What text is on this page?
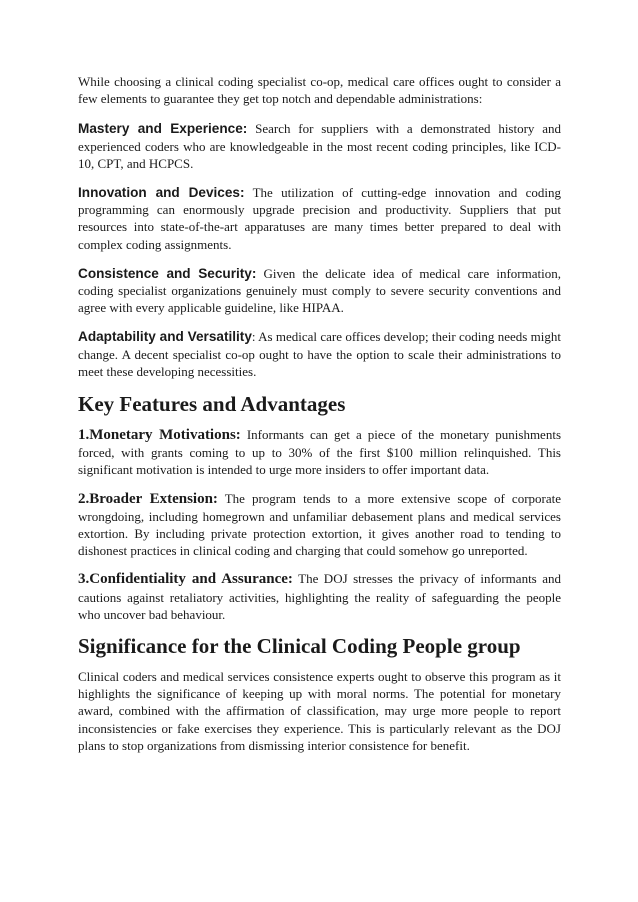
While choosing a clinical coding specialist co-op, medical care offices ought to consider a few elements to guarantee they get top notch and dependable administrations:

Mastery and Experience: Search for suppliers with a demonstrated history and experienced coders who are knowledgeable in the most recent coding principles, like ICD-10, CPT, and HCPCS.

Innovation and Devices: The utilization of cutting-edge innovation and coding programming can enormously upgrade precision and productivity. Suppliers that put resources into state-of-the-art apparatuses are many times better prepared to deal with complex coding assignments.

Consistence and Security: Given the delicate idea of medical care information, coding specialist organizations genuinely must comply to severe security conventions and agree with every applicable guideline, like HIPAA.

Adaptability and Versatility: As medical care offices develop; their coding needs might change. A decent specialist co-op ought to have the option to scale their administrations to meet these developing necessities.

Key Features and Advantages

1.Monetary Motivations: Informants can get a piece of the monetary punishments forced, with grants coming to up to 30% of the first $100 million relinquished. This significant motivation is intended to urge more insiders to offer important data.

2.Broader Extension: The program tends to a more extensive scope of corporate wrongdoing, including homegrown and unfamiliar debasement plans and medical services extortion. By including private protection extortion, it gives another road to tending to dishonest practices in clinical coding and charging that could somehow go unreported.

3.Confidentiality and Assurance: The DOJ stresses the privacy of informants and cautions against retaliatory activities, highlighting the reality of safeguarding the people who uncover bad behaviour.

Significance for the Clinical Coding People group

Clinical coders and medical services consistence experts ought to observe this program as it highlights the significance of keeping up with moral norms. The potential for monetary award, combined with the affirmation of classification, may urge more people to report inconsistencies or fake exercises they experience. This is particularly relevant as the DOJ plans to stop organizations from dismissing interior consistence for benefit.
